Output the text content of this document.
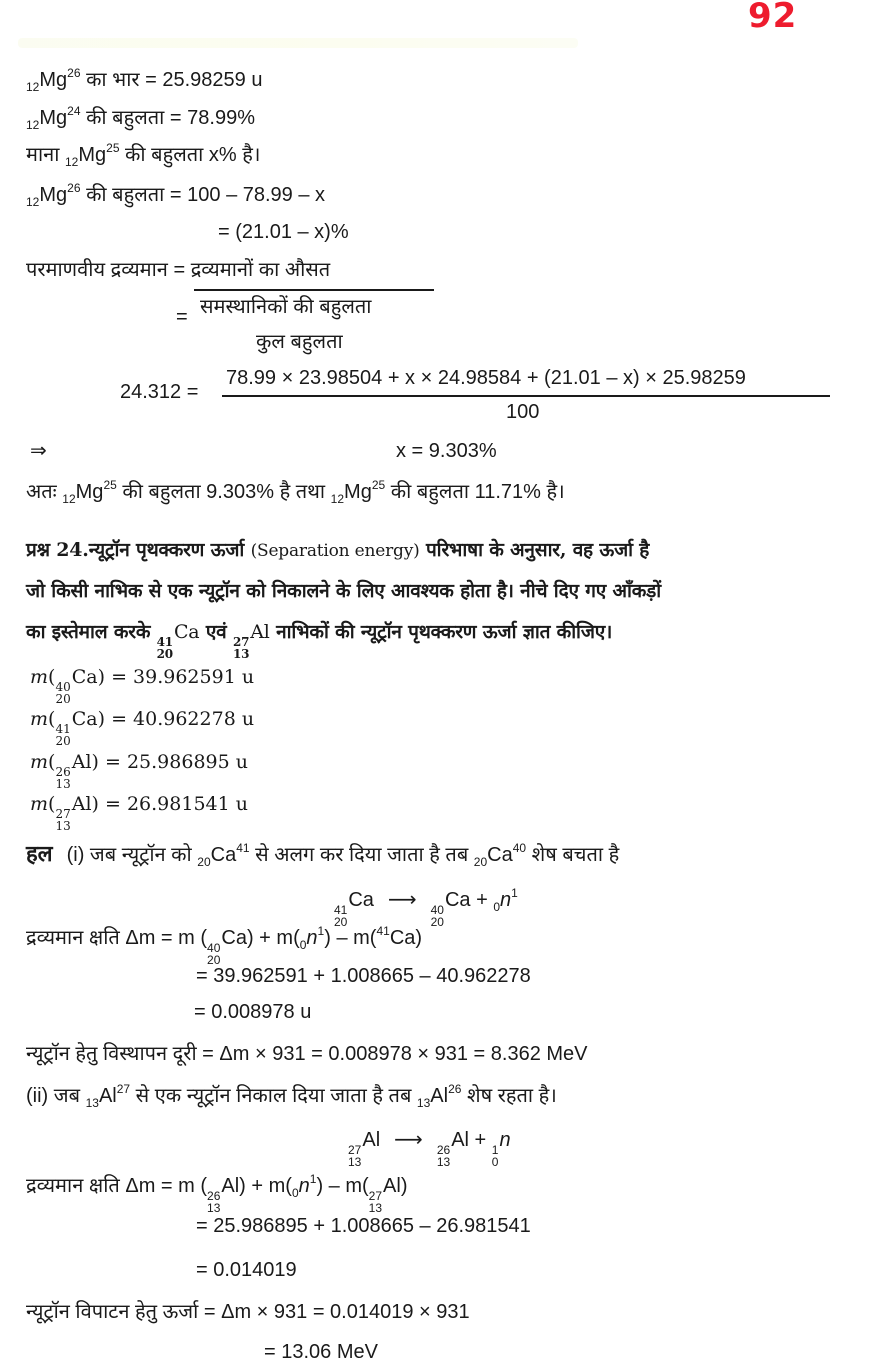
92
$_{12}Mg^{26}$ का भार = 25.98259 u
$_{12}Mg^{24}$ की बहुलता = 78.99%
माना $_{12}Mg^{25}$ की बहुलता x% है।
$_{12}Mg^{26}$ की बहुलता = 100 – 78.99 – x
= (21.01 – x)%
परमाणवीय द्रव्यमान = द्रव्यमानों का औसत
= समस्थानिकों की बहुलता
कुल बहुलता
24.312 =
78.99 × 23.98504 + x × 24.98584 + (21.01 – x) × 25.98259
100
⇒	x = 9.303%
अतः $_{12}Mg^{25}$ की बहुलता 9.303% है तथा $_{12}Mg^{25}$ की बहुलता 11.71% है।
प्रश्न 24.न्यूट्रॉन पृथक्करण ऊर्जा (Separation energy) परिभाषा के अनुसार, वह ऊर्जा है
जो किसी नाभिक से एक न्यूट्रॉन को निकालने के लिए आवश्यक होता है। नीचे दिए गए आँकड़ों
का इस्तेमाल करके 41
20
Ca एवं 27
13
Al नाभिकों की न्यूट्रॉन पृथक्करण ऊर्जा ज्ञात कीजिए।
m( 40
20
Ca) = 39.962591 u
m( 41
20
Ca) = 40.962278 u
m( 26
13
Al) = 25.986895 u
m( 27
13
Al) = 26.981541 u
हल (i) जब न्यूट्रॉन को $_{20}Ca^{41}$ से अलग कर दिया जाता है तब $_{20}Ca^{40}$ शेष बचता है
41
20
Ca ⟶ 40
20
$Ca + _0n^1$
द्रव्यमान क्षति Δm = m ( 40
20
$Ca) + m(_0n^1) - m(^{41}Ca)$
= 39.962591 + 1.008665 – 40.962278
= 0.008978 u
न्यूट्रॉन हेतु विस्थापन दूरी = Δm × 931 = 0.008978 × 931 = 8.362 MeV
(ii) जब $_{13}Al^{27}$ से एक न्यूट्रॉन निकाल दिया जाता है तब $_{13}Al^{26}$ शेष रहता है।
27
13
Al ⟶ 26
13
Al + 1
0
n
द्रव्यमान क्षति Δm = m ( 26
13
$Al) + m(_0n^1) - m$( 27
13
Al)
= 25.986895 + 1.008665 – 26.981541
= 0.014019
न्यूट्रॉन विपाटन हेतु ऊर्जा = Δm × 931 = 0.014019 × 931
= 13.06 MeV
